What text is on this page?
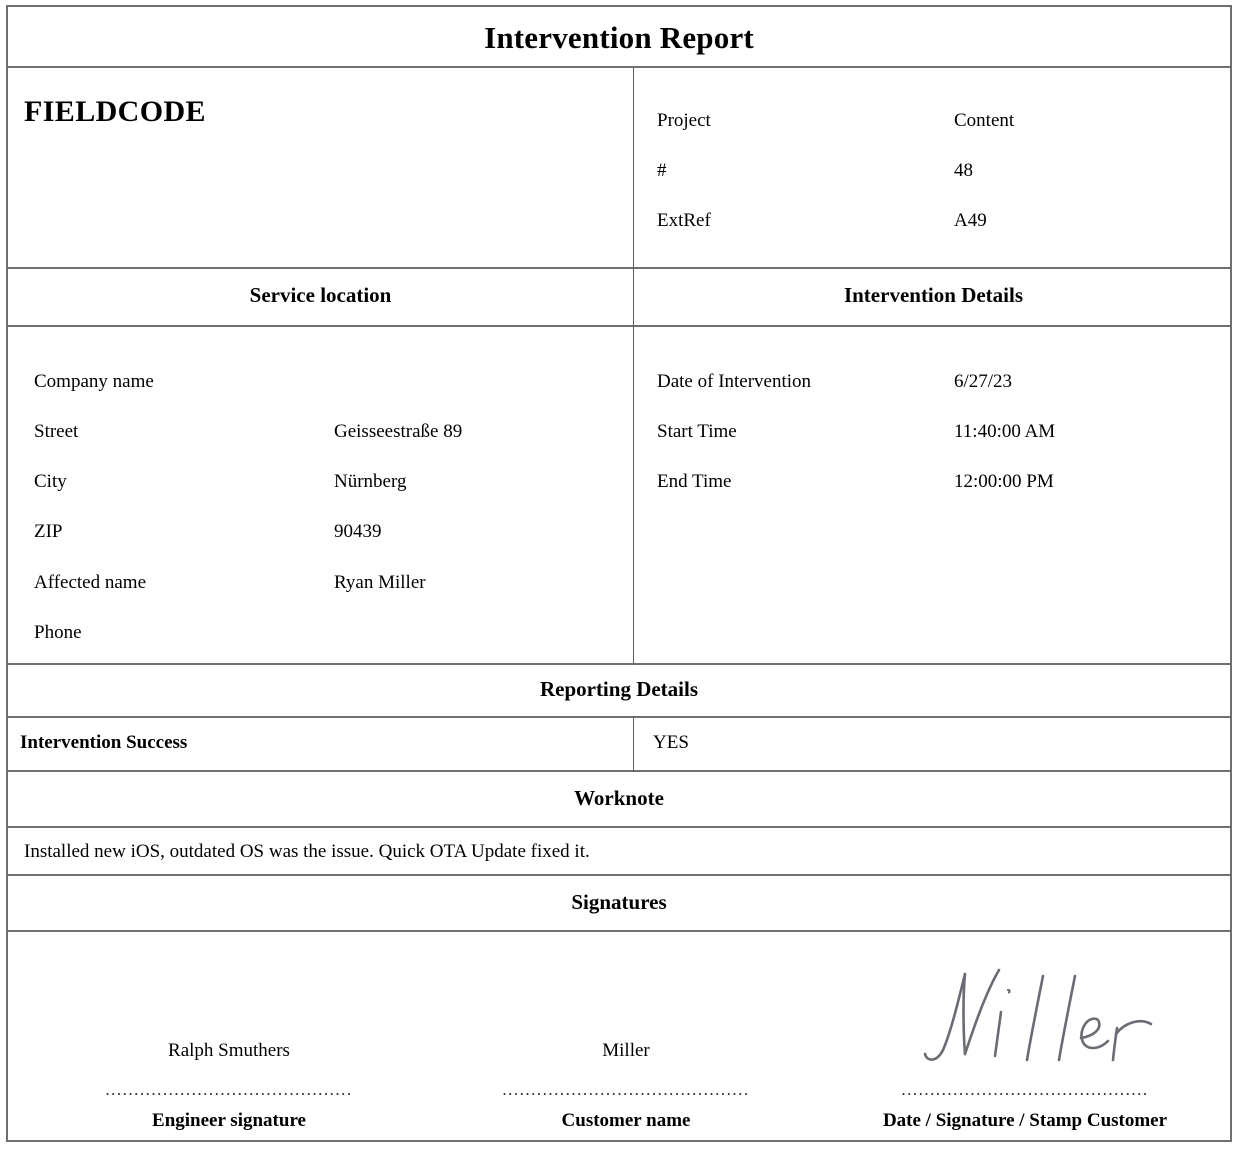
Intervention Report
FIELDCODE	Project	Content
#	48
ExtRef	A49
Service location	Intervention Details
Company name
Street	Geisseestraße 89
City	Nürnberg
ZIP	90439
Affected name	Ryan Miller
Phone
Date of Intervention	6/27/23
Start Time	11:40:00 AM
End Time	12:00:00 PM
Reporting Details
Intervention Success	YES
Worknote
Installed new iOS, outdated OS was the issue. Quick OTA Update fixed it.
Signatures
Ralph Smuthers
...........................................
Engineer signature
Miller
...........................................
Customer name
...........................................
Date / Signature / Stamp Customer
